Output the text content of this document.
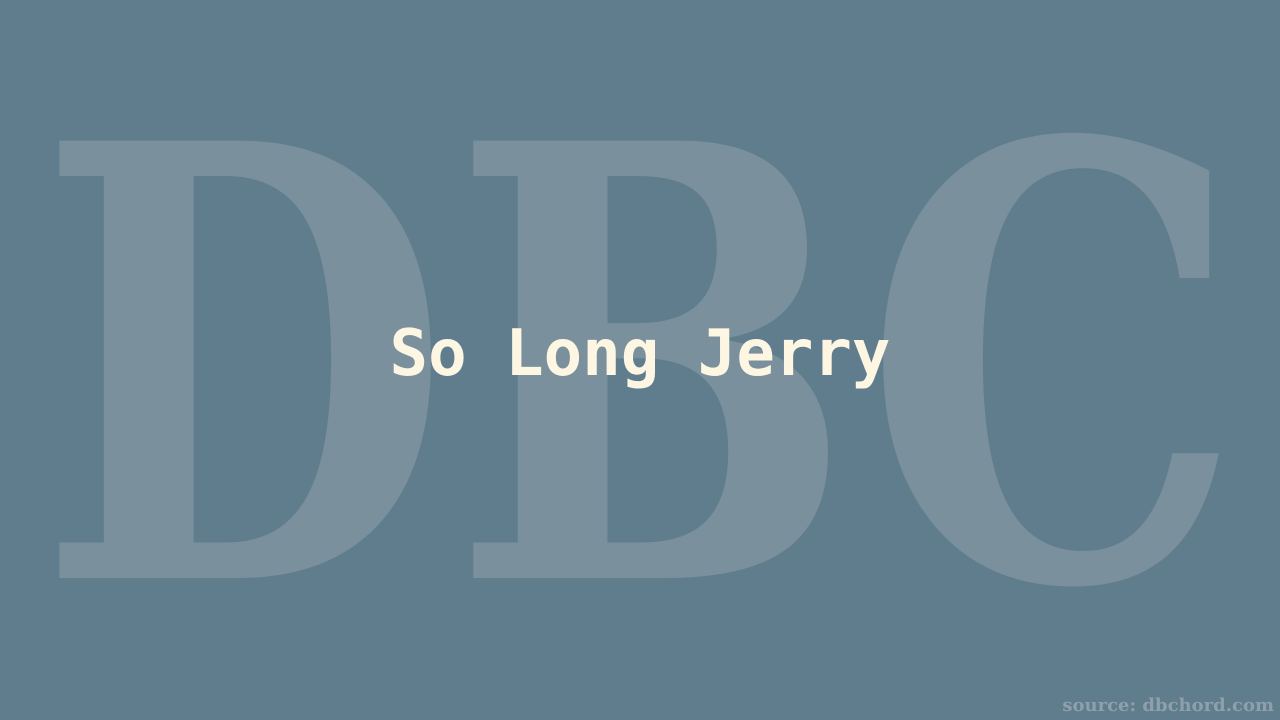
DBC
So Long Jerry
source: dbchord.com
